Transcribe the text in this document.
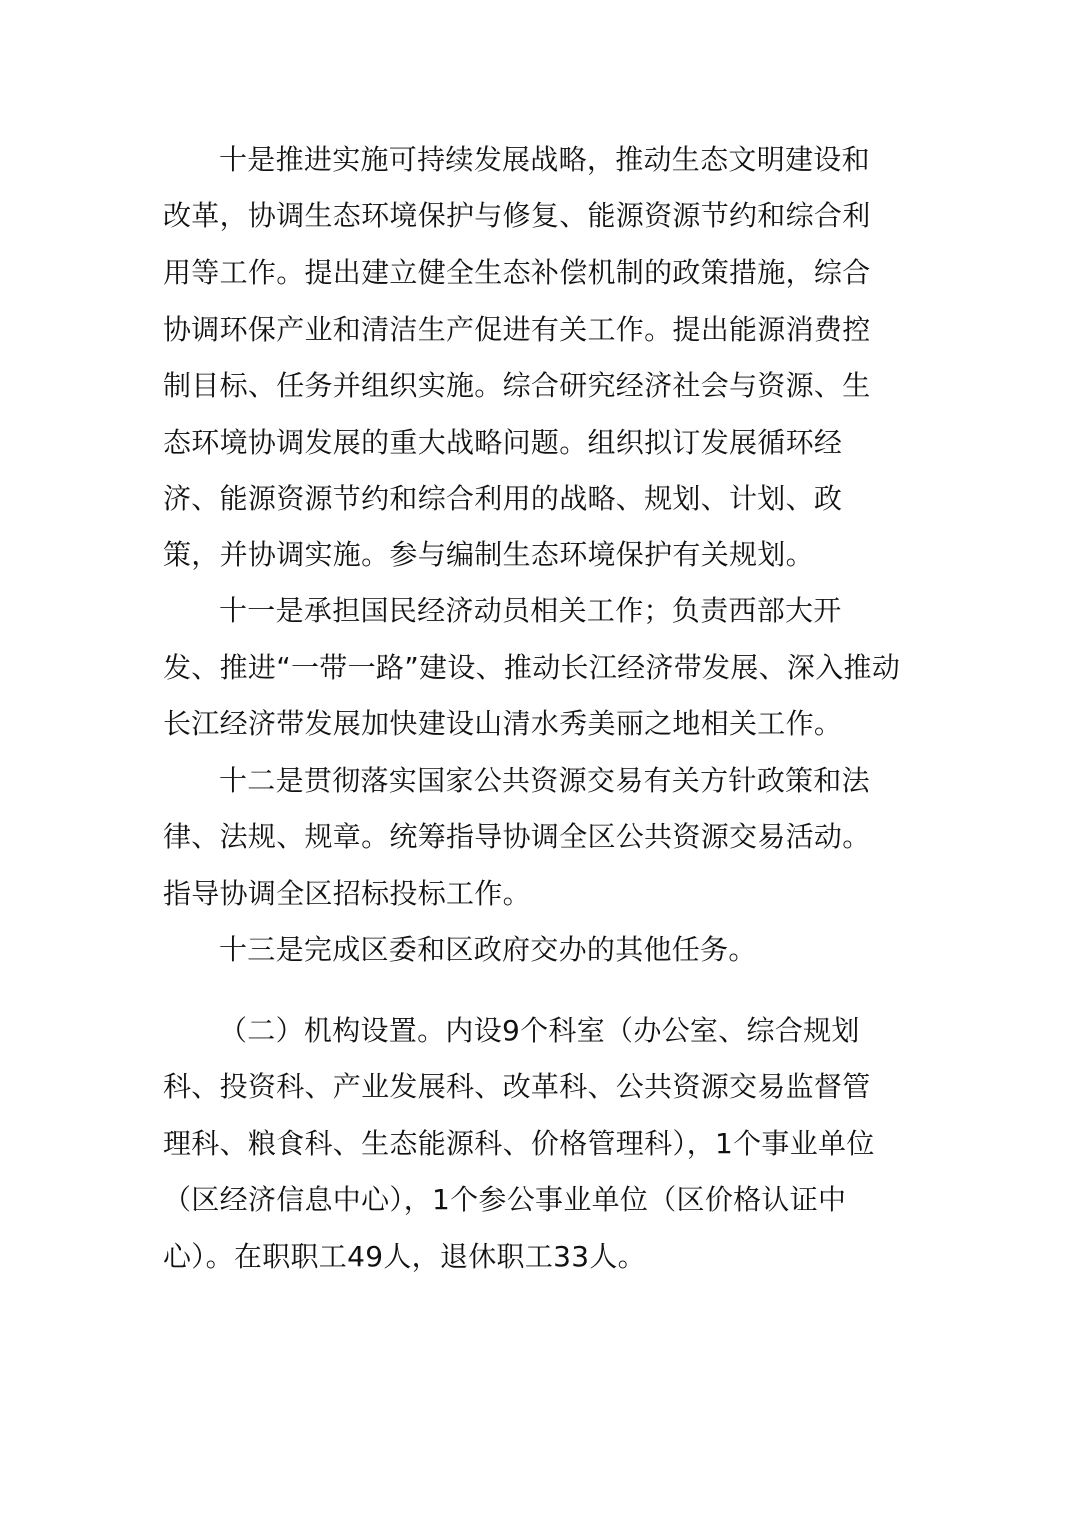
十是推进实施可持续发展战略，推动生态文明建设和
改革，协调生态环境保护与修复、能源资源节约和综合利
用等工作。提出建立健全生态补偿机制的政策措施，综合
协调环保产业和清洁生产促进有关工作。提出能源消费控
制目标、任务并组织实施。综合研究经济社会与资源、生
态环境协调发展的重大战略问题。组织拟订发展循环经
济、能源资源节约和综合利用的战略、规划、计划、政
策，并协调实施。参与编制生态环境保护有关规划。
十一是承担国民经济动员相关工作；负责西部大开
发、推进“一带一路”建设、推动长江经济带发展、深入推动
长江经济带发展加快建设山清水秀美丽之地相关工作。
十二是贯彻落实国家公共资源交易有关方针政策和法
律、法规、规章。统筹指导协调全区公共资源交易活动。
指导协调全区招标投标工作。
十三是完成区委和区政府交办的其他任务。
（二）机构设置。内设9个科室（办公室、综合规划
科、投资科、产业发展科、改革科、公共资源交易监督管
理科、粮食科、生态能源科、价格管理科），1个事业单位
（区经济信息中心），1个参公事业单位（区价格认证中
心）。在职职工49人，退休职工33人。
